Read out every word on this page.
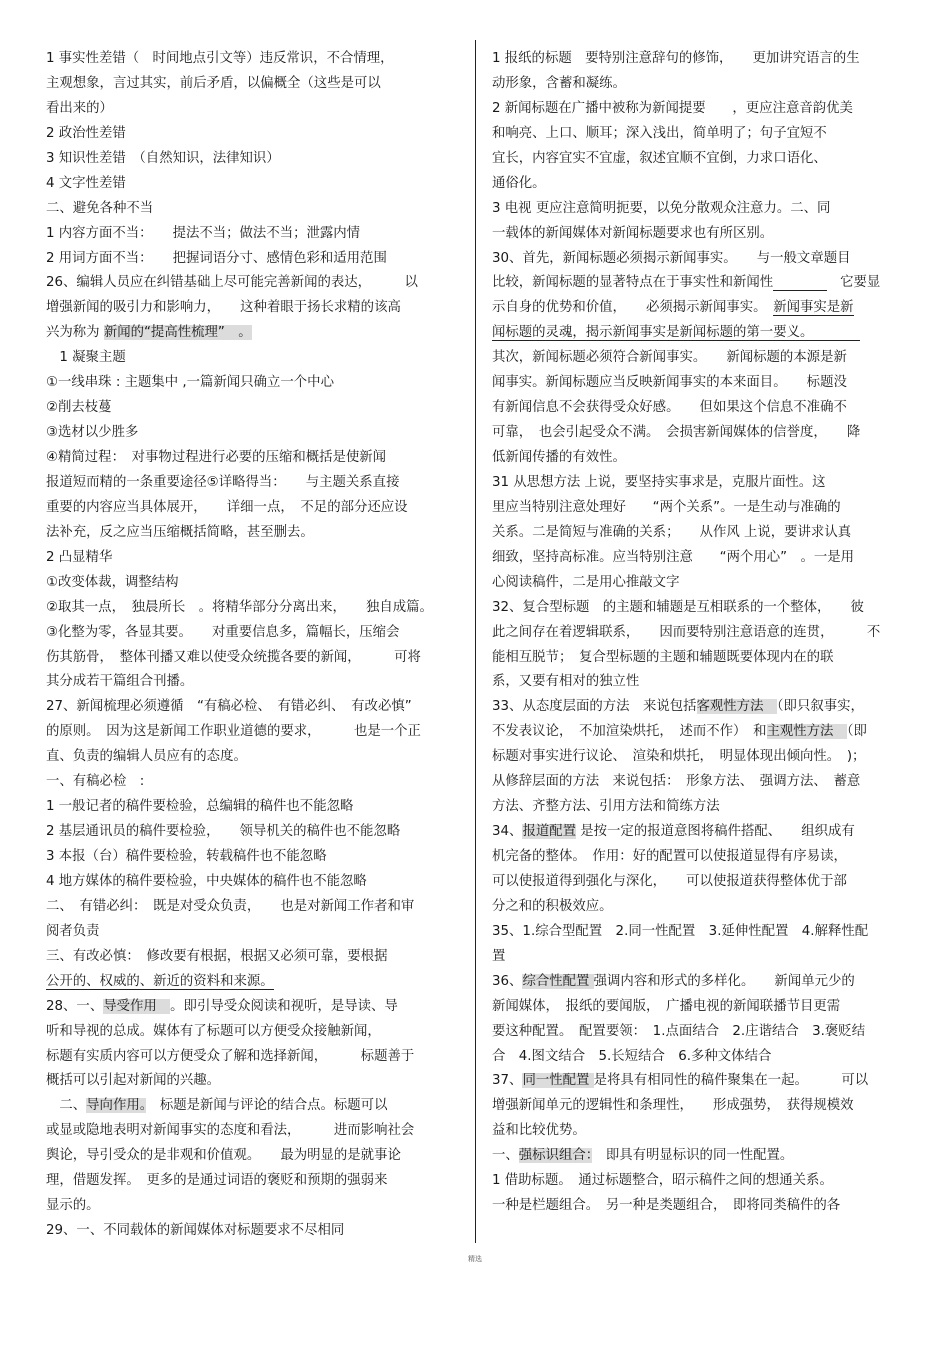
1 事实性差错（　时间地点引文等）违反常识，不合情理，
主观想象，言过其实，前后矛盾，以偏概全（这些是可以
看出来的）
2 政治性差错
3 知识性差错　（自然知识，法律知识）
4 文字性差错
二、避免各种不当
1 内容方面不当：　　提法不当；做法不当；泄露内情
2 用词方面不当：　　把握词语分寸、感情色彩和适用范围
26、编辑人员应在纠错基础上尽可能完善新闻的表达，　　　以
增强新闻的吸引力和影响力，　　这种着眼于扬长求精的该高
兴为称为 新闻的“提高性梳理”　。
　1 凝聚主题
①一线串珠 : 主题集中 ,一篇新闻只确立一个中心
②削去枝蔓
③选材以少胜多
④精简过程：　对事物过程进行必要的压缩和概括是使新闻
报道短而精的一条重要途径⑤详略得当：　　与主题关系直接
重要的内容应当具体展开，　　详细一点，　不足的部分还应设
法补充，反之应当压缩概括简略，甚至删去。
2 凸显精华
①改变体裁，调整结构
②取其一点，　独晨所长　。将精华部分分离出来，　　独自成篇。
③化整为零，各显其要。　　对重要信息多，篇幅长，压缩会
伤其筋骨，　整体刊播又难以使受众统揽各要的新闻，　　　可将
其分成若干篇组合刊播。
27、新闻梳理必须遵循　“有稿必检、　有错必纠、　有改必慎”
的原则。　因为这是新闻工作职业道德的要求，　　　也是一个正
直、负责的编辑人员应有的态度。
一、有稿必检　:
1 一般记者的稿件要检验，总编辑的稿件也不能忽略
2 基层通讯员的稿件要检验，　　领导机关的稿件也不能忽略
3 本报（台）稿件要检验，转载稿件也不能忽略
4 地方媒体的稿件要检验，中央媒体的稿件也不能忽略
二、　有错必纠：　既是对受众负责，　　也是对新闻工作者和审
阅者负责
三、有改必慎：　修改要有根据，根据又必须可靠，要根据
公开的、权威的、新近的资料和来源。
28、一、导受作用　。即引导受众阅读和视听，是导读、导
听和导视的总成。媒体有了标题可以方便受众接触新闻，
标题有实质内容可以方便受众了解和选择新闻，　　　标题善于
概括可以引起对新闻的兴趣。
　二、导向作用。　标题是新闻与评论的结合点。标题可以
或显或隐地表明对新闻事实的态度和看法，　　　进而影响社会
舆论，导引受众的是非观和价值观。　　最为明显的是就事论
理，借题发挥。　更多的是通过词语的褒贬和预期的强弱来
显示的。
29、一、不同载体的新闻媒体对标题要求不尽相同
1 报纸的标题　要特别注意辞句的修饰，　　更加讲究语言的生
动形象，含蓄和凝练。
2 新闻标题在广播中被称为新闻提要　　，更应注意音韵优美
和响亮、上口、顺耳；深入浅出，简单明了；句子宜短不
宜长，内容宜实不宜虚，叙述宜顺不宜倒，力求口语化、
通俗化。
3 电视 更应注意简明扼要，以免分散观众注意力。二、同
一载体的新闻媒体对新闻标题要求也有所区别。
30、首先，新闻标题必须揭示新闻事实。　　与一般文章题目
比较，新闻标题的显著特点在于事实性和新闻性　　　　	　它要显
示自身的优势和价值，　　必须揭示新闻事实。　新闻事实是新
闻标题的灵魂，揭示新闻事实是新闻标题的第一要义。　　　　
其次，新闻标题必须符合新闻事实。　　新闻标题的本源是新
闻事实。新闻标题应当反映新闻事实的本来面目。　　标题没
有新闻信息不会获得受众好感。　　但如果这个信息不准确不
可靠，　也会引起受众不满。　会损害新闻媒体的信誉度，　　降
低新闻传播的有效性。
31 从思想方法 上说，要坚持实事求是，克服片面性。这
里应当特别注意处理好　　“两个关系”。一是生动与准确的
关系。二是简短与准确的关系；　　从作风 上说，要讲求认真
细致，坚持高标准。应当特别注意　　“两个用心”　。一是用
心阅读稿件，二是用心推敲文字
32、复合型标题　的主题和辅题是互相联系的一个整体，　　彼
此之间存在着逻辑联系，　　因而要特别注意语意的连贯，　　　不
能相互脱节；　复合型标题的主题和辅题既要体现内在的联
系，又要有相对的独立性
33、从态度层面的方法　来说包括客观性方法　（即只叙事实，
不发表议论，　不加渲染烘托，　述而不作）　和主观性方法　（即
标题对事实进行议论、　渲染和烘托，　明显体现出倾向性。　)；
从修辞层面的方法　来说包括：　形象方法、　强调方法、　蓄意
方法、齐整方法、引用方法和简练方法
34、报道配置 是按一定的报道意图将稿件搭配、　　组织成有
机完备的整体。　作用：好的配置可以使报道显得有序易读，
可以使报道得到强化与深化，　　可以使报道获得整体优于部
分之和的积极效应。
35、1.综合型配置　2.同一性配置　3.延伸性配置　4.解释性配
置
36、综合性配置 强调内容和形式的多样化。　　新闻单元少的
新闻媒体，　报纸的要闻版，　广播电视的新闻联播节目更需
要这种配置。　配置要领：　1.点面结合　2.庄谐结合　3.褒贬结
合　4.图文结合　5.长短结合　6.多种文体结合
37、同一性配置 是将具有相同性的稿件聚集在一起。　　　可以
增强新闻单元的逻辑性和条理性，　　形成强势，　获得规模效
益和比较优势。
一、强标识组合：　即具有明显标识的同一性配置。
1 借助标题。　通过标题整合，昭示稿件之间的想通关系。
一种是栏题组合。　另一种是类题组合，　即将同类稿件的各
精选
